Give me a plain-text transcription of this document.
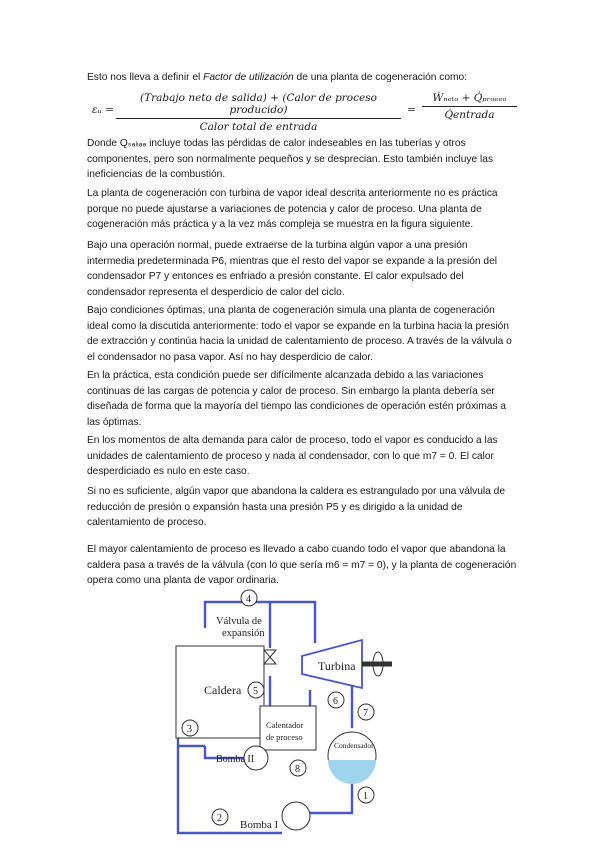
Esto nos lleva a definir el Factor de utilización de una planta de cogeneración como:

εᵤ =
(Trabajo neto de salida) + (Calor de proceso producido)
Calor total de entrada
=
Ẇₙₑₜₒ + Q̇ₚᵣₒₑₑₒ
Q̇entrada

Donde Qₛₐₗᵢₔₐ incluye todas las pérdidas de calor indeseables en las tuberías y otros
componentes, pero son normalmente pequeños y se desprecian. Esto también incluye las
ineficiencias de la combustión.

La planta de cogeneración con turbina de vapor ideal descrita anteriormente no es práctica
porque no puede ajustarse a variaciones de potencia y calor de proceso. Una planta de
cogeneración más práctica y a la vez más compleja se muestra en la figura siguiente.

Bajo una operación normal, puede extraerse de la turbina algún vapor a una presión
intermedia predeterminada P6, mientras que el resto del vapor se expande a la presión del
condensador P7 y entonces es enfriado a presión constante. El calor expulsado del
condensador representa el desperdicio de calor del ciclo.

Bajo condiciones óptimas, una planta de cogeneración simula una planta de cogeneración
ideal como la discutida anteriormente: todo el vapor se expande en la turbina hacia la presión
de extracción y continúa hacia la unidad de calentamiento de proceso. A través de la válvula o
el condensador no pasa vapor. Así no hay desperdicio de calor.

En la práctica, esta condición puede ser difícilmente alcanzada debido a las variaciones
continuas de las cargas de potencia y calor de proceso. Sin embargo la planta debería ser
diseñada de forma que la mayoría del tiempo las condiciones de operación estén próximas a
las óptimas.

En los momentos de alta demanda para calor de proceso, todo el vapor es conducido a las
unidades de calentamiento de proceso y nada al condensador, con lo que m7 = 0. El calor
desperdiciado es nulo en este caso.

Si no es suficiente, algún vapor que abandona la caldera es estrangulado por una válvula de
reducción de presión o expansión hasta una presión P5 y es dirigido a la unidad de
calentamiento de proceso.

El mayor calentamiento de proceso es llevado a cabo cuando todo el vapor que abandona la
caldera pasa a través de la válvula (con lo que sería m6 = m7 = 0), y la planta de cogeneración
opera como una planta de vapor ordinaria.

Caldera
Turbina
Válvula de
expansión
Calentador
de proceso
Condensador
Bomba II
Bomba I
1
2
3
4
5
6
7
8
